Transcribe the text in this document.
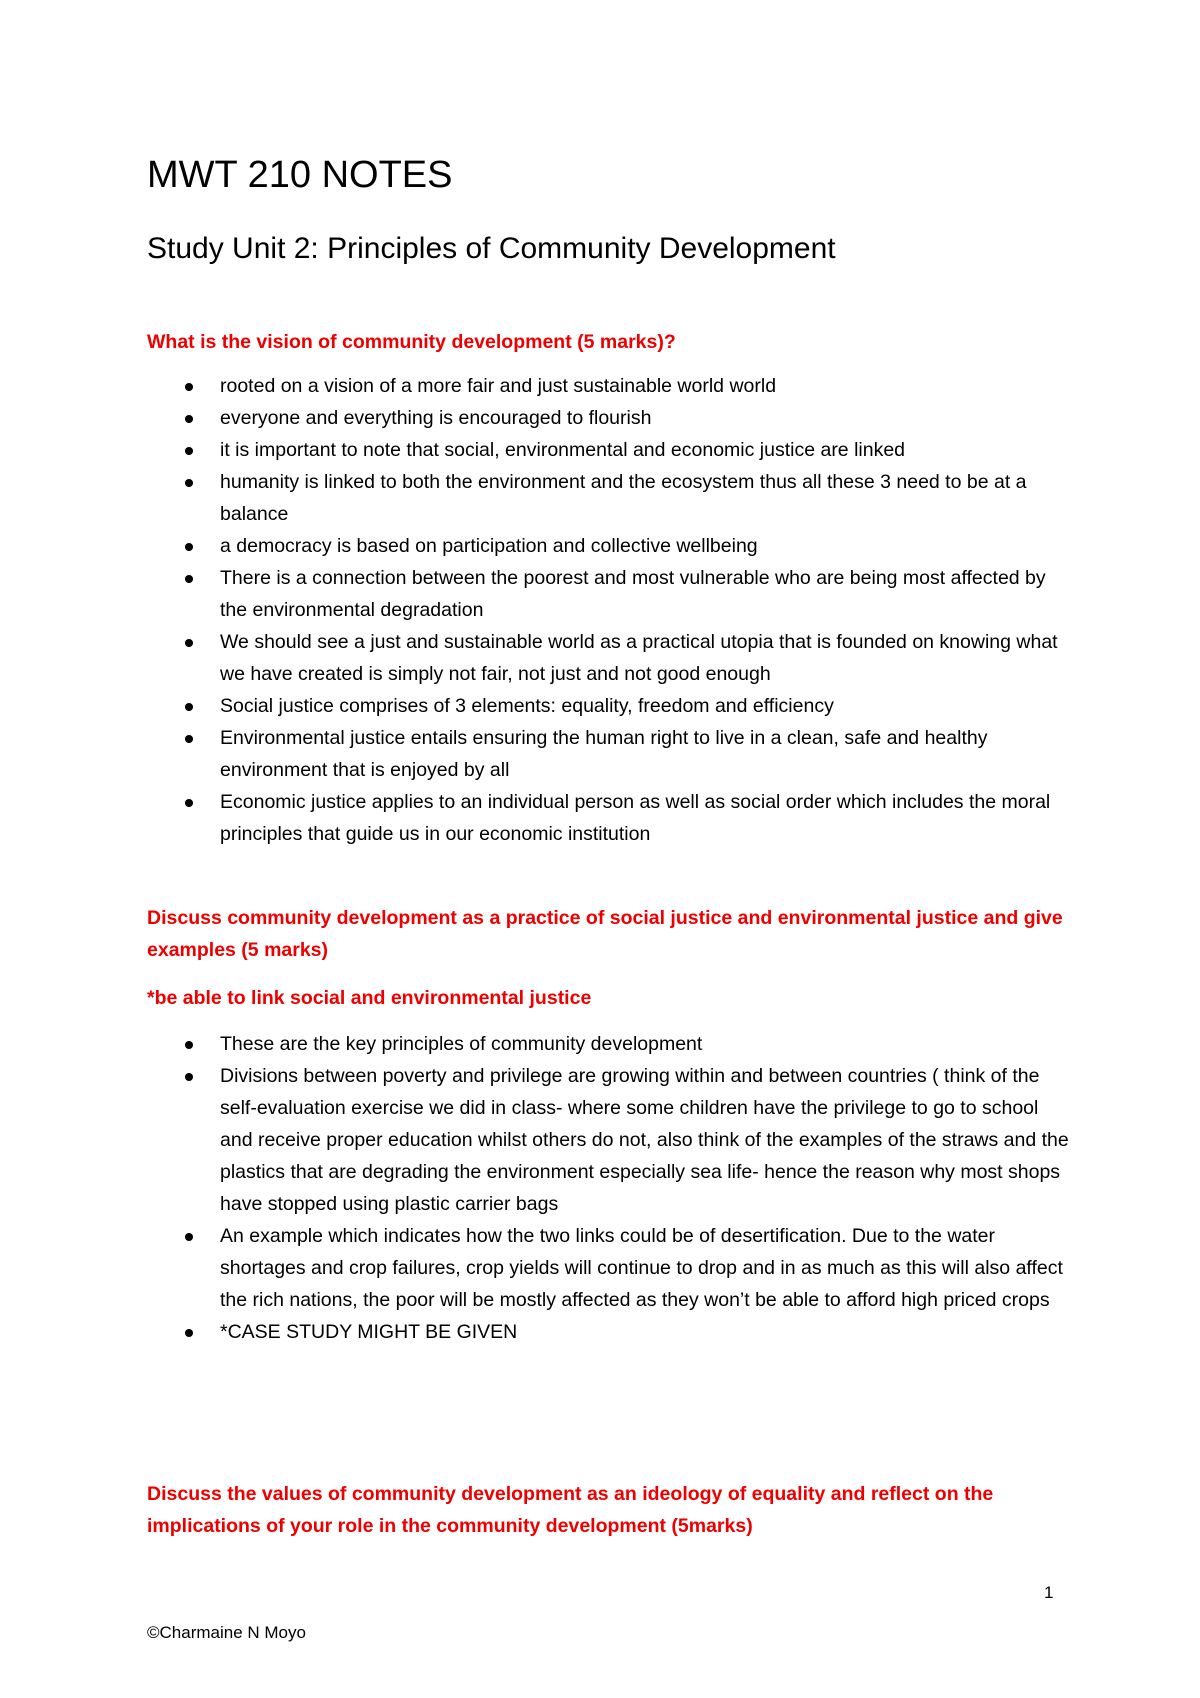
MWT 210 NOTES
Study Unit 2: Principles of Community Development

What is the vision of community development (5 marks)?

rooted on a vision of a more fair and just sustainable world world
everyone and everything is encouraged to flourish
it is important to note that social, environmental and economic justice are linked
humanity is linked to both the environment and the ecosystem thus all these 3 need to be at a balance
a democracy is based on participation and collective wellbeing
There is a connection between the poorest and most vulnerable who are being most affected by the environmental degradation
We should see a just and sustainable world as a practical utopia that is founded on knowing what we have created is simply not fair, not just and not good enough
Social justice comprises of 3 elements: equality, freedom and efficiency
Environmental justice entails ensuring the human right to live in a clean, safe and healthy environment that is enjoyed by all
Economic justice applies to an individual person as well as social order which includes the moral principles that guide us in our economic institution

Discuss community development as a practice of social justice and environmental justice and give examples (5 marks)

*be able to link social and environmental justice

These are the key principles of community development
Divisions between poverty and privilege are growing within and between countries ( think of the self-evaluation exercise we did in class- where some children have the privilege to go to school and receive proper education whilst others do not, also think of the examples of the straws and the plastics that are degrading the environment especially sea life- hence the reason why most shops have stopped using plastic carrier bags
An example which indicates how the two links could be of desertification. Due to the water shortages and crop failures, crop yields will continue to drop and in as much as this will also affect the rich nations, the poor will be mostly affected as they won’t be able to afford high priced crops
*CASE STUDY MIGHT BE GIVEN

Discuss the values of community development as an ideology of equality and reflect on the implications of your role in the community development (5marks)

1
©Charmaine N Moyo
